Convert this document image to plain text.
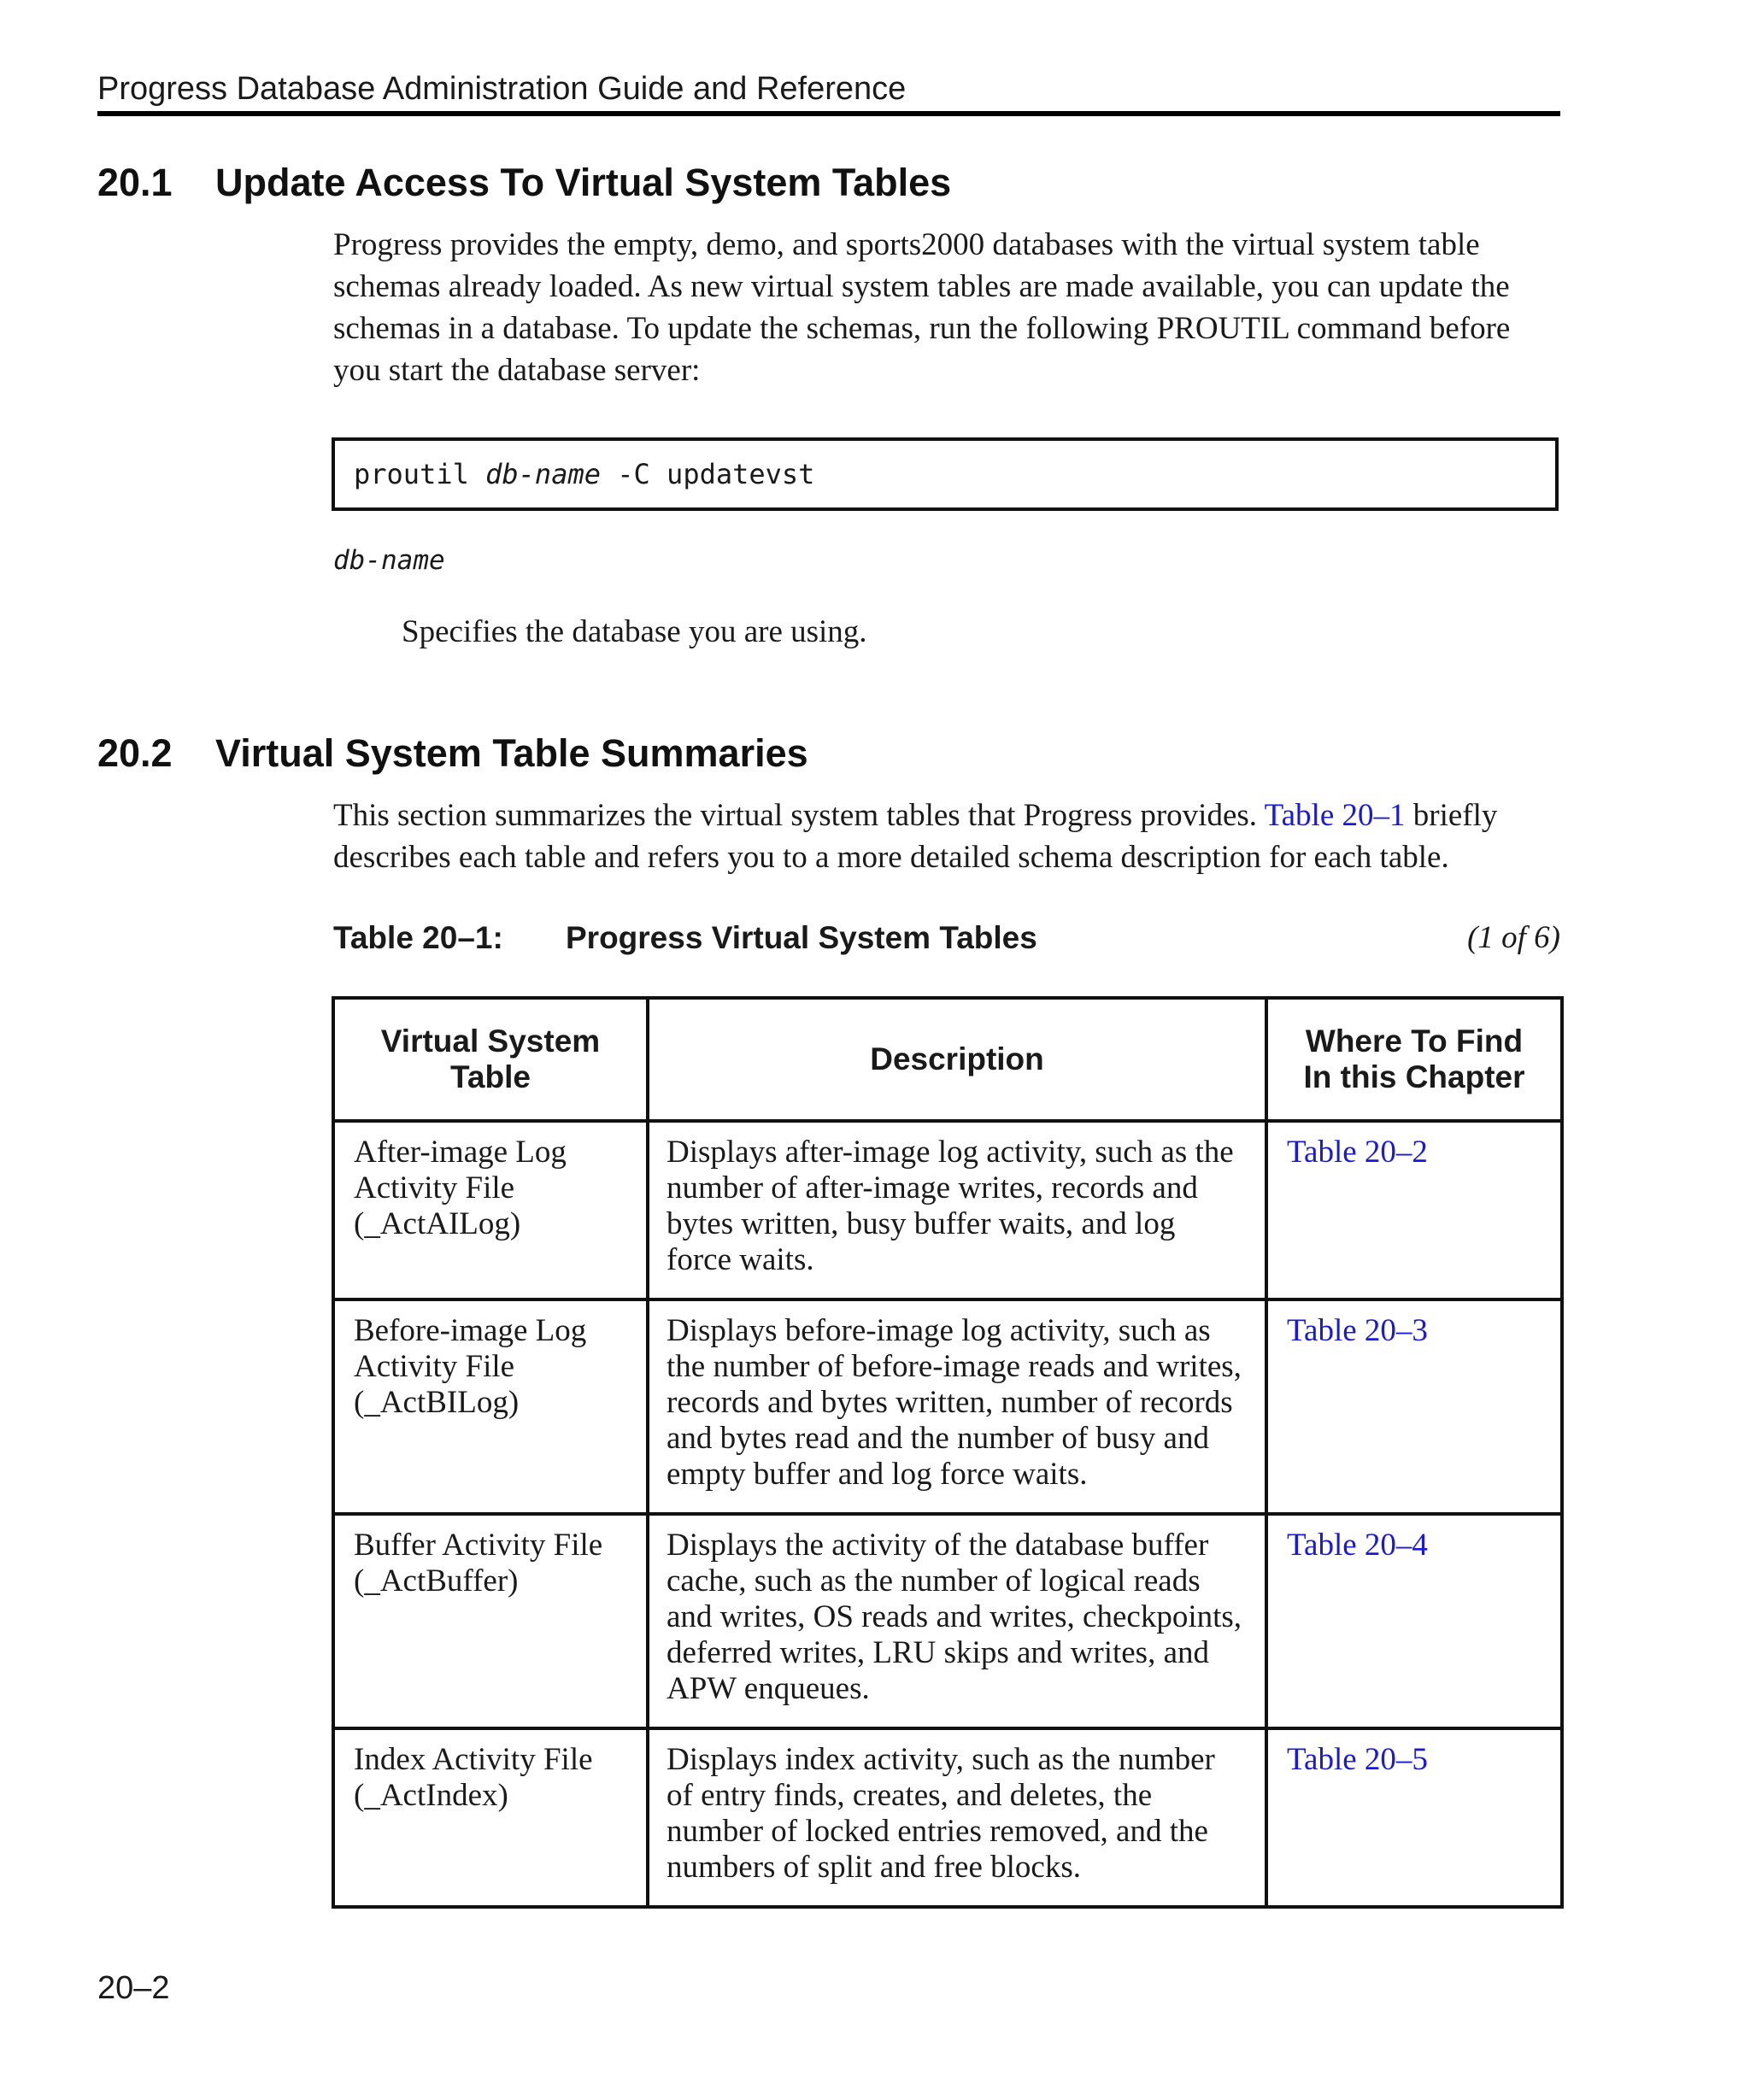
Progress Database Administration Guide and Reference
20.1 Update Access To Virtual System Tables

Progress provides the empty, demo, and sports2000 databases with the virtual system table schemas already loaded. As new virtual system tables are made available, you can update the schemas in a database. To update the schemas, run the following PROUTIL command before you start the database server:

proutil db-name -C updatevst
db-name
Specifies the database you are using.
20.2 Virtual System Table Summaries

This section summarizes the virtual system tables that Progress provides. Table 20–1 briefly describes each table and refers you to a more detailed schema description for each table.

Table 20–1: Progress Virtual System Tables	(1 of 6)
Virtual System Table	Description	Where To Find In this Chapter
After-image Log Activity File (_ActAILog)	Displays after-image log activity, such as the number of after-image writes, records and bytes written, busy buffer waits, and log force waits.	Table 20–2
Before-image Log Activity File (_ActBILog)	Displays before-image log activity, such as the number of before-image reads and writes, records and bytes written, number of records and bytes read and the number of busy and empty buffer and log force waits.	Table 20–3
Buffer Activity File (_ActBuffer)	Displays the activity of the database buffer cache, such as the number of logical reads and writes, OS reads and writes, checkpoints, deferred writes, LRU skips and writes, and APW enqueues.	Table 20–4
Index Activity File (_ActIndex)	Displays index activity, such as the number of entry finds, creates, and deletes, the number of locked entries removed, and the numbers of split and free blocks.	Table 20–5
20–2
